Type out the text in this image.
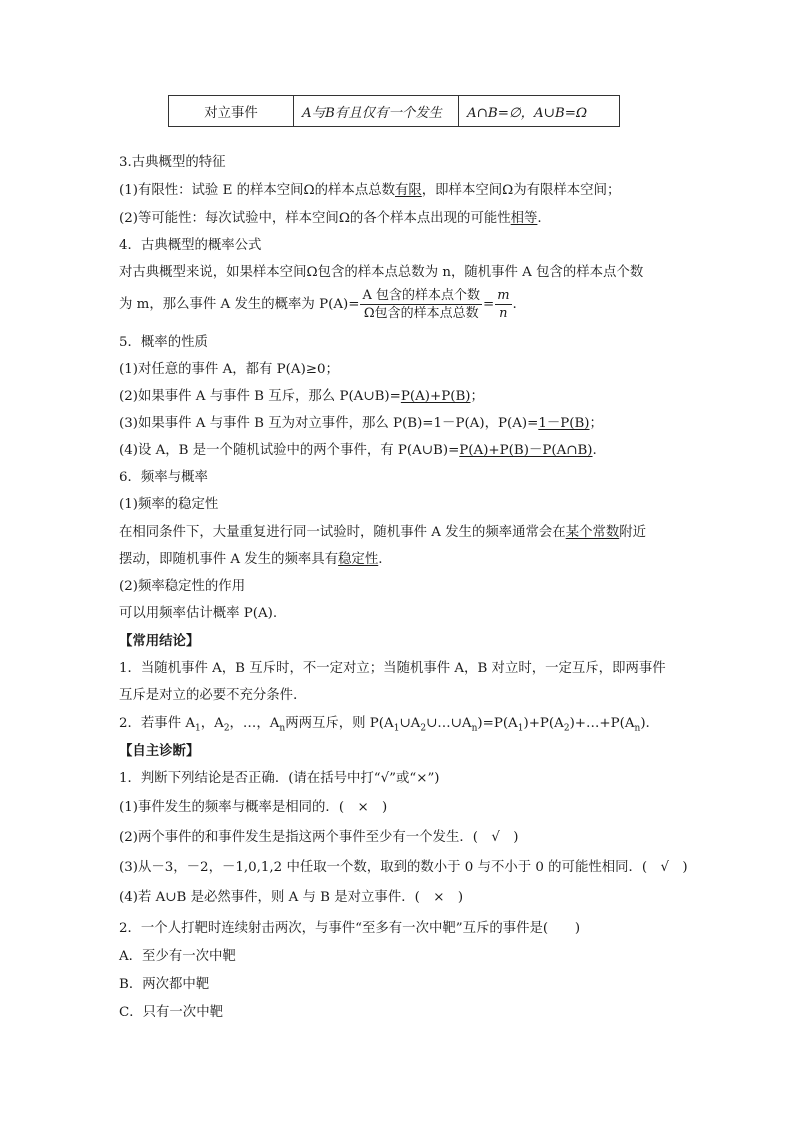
对立事件	A与B有且仅有一个发生	A∩B=∅，A∪B=Ω
3.古典概型的特征
(1)有限性：试验 E 的样本空间Ω的样本点总数有限，即样本空间Ω为有限样本空间；
(2)等可能性：每次试验中，样本空间Ω的各个样本点出现的可能性相等.
4．古典概型的概率公式
对古典概型来说，如果样本空间Ω包含的样本点总数为 n，随机事件 A 包含的样本点个数
为 m，那么事件 A 发生的概率为 $P(A)= \frac{\text{A 包含的样本点个数}}{\text{Ω包含的样本点总数}} = \frac{m}{n}$ .
5．概率的性质
(1)对任意的事件 A，都有 P(A)≥0；
(2)如果事件 A 与事件 B 互斥，那么 P(A∪B)=P(A)+P(B)；
(3)如果事件 A 与事件 B 互为对立事件，那么 P(B)=1－P(A)，P(A)=1－P(B)；
(4)设 A，B 是一个随机试验中的两个事件，有 P(A∪B)=P(A)+P(B)－P(A∩B).
6．频率与概率
(1)频率的稳定性
在相同条件下，大量重复进行同一试验时，随机事件 A 发生的频率通常会在某个常数附近
摆动，即随机事件 A 发生的频率具有稳定性.
(2)频率稳定性的作用
可以用频率估计概率 P(A).
【常用结论】
1．当随机事件 A，B 互斥时，不一定对立；当随机事件 A，B 对立时，一定互斥，即两事件
互斥是对立的必要不充分条件．
2．若事件 $A_1$，$A_2$，…，$A_n$两两互斥，则 $P(A_1\cup A_2\cup\dots\cup A_n)=P(A_1)+P(A_2)+\dots+P(A_n)$.
【自主诊断】
1．判断下列结论是否正确．(请在括号中打“√”或“×”)
(1)事件发生的频率与概率是相同的．(　×　)
(2)两个事件的和事件发生是指这两个事件至少有一个发生．(　√　)
(3)从－3，－2，－1,0,1,2 中任取一个数，取到的数小于 0 与不小于 0 的可能性相同．(　√　)
(4)若 A∪B 是必然事件，则 A 与 B 是对立事件．(　×　)
2．一个人打靶时连续射击两次，与事件“至多有一次中靶”互斥的事件是(　　)
A．至少有一次中靶
B．两次都中靶
C．只有一次中靶
